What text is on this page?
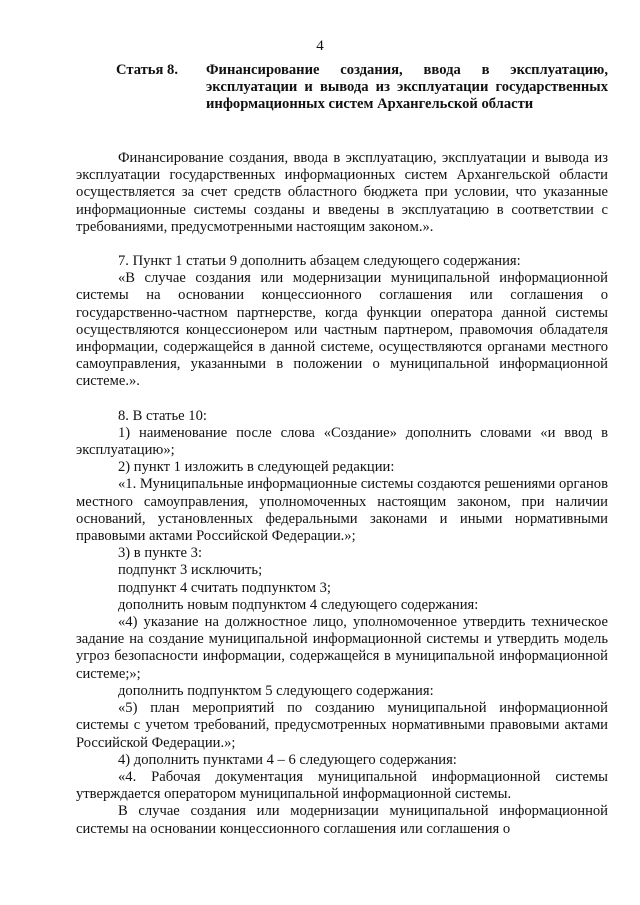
4
Статья 8.	Финансирование создания, ввода в эксплуатацию, эксплуатации и вывода из эксплуатации государственных информационных систем Архангельской области

Финансирование создания, ввода в эксплуатацию, эксплуатации и вывода из эксплуатации государственных информационных систем Архангельской области осуществляется за счет средств областного бюджета при условии, что указанные информационные системы созданы и введены в эксплуатацию в соответствии с требованиями, предусмотренными настоящим законом.».

7. Пункт 1 статьи 9 дополнить абзацем следующего содержания:

«В случае создания или модернизации муниципальной информационной системы на основании концессионного соглашения или соглашения о государственно-частном партнерстве, когда функции оператора данной системы осуществляются концессионером или частным партнером, правомочия обладателя информации, содержащейся в данной системе, осуществляются органами местного самоуправления, указанными в положении о муниципальной информационной системе.».

8. В статье 10:

1) наименование после слова «Создание» дополнить словами «и ввод в эксплуатацию»;

2) пункт 1 изложить в следующей редакции:

«1. Муниципальные информационные системы создаются решениями органов местного самоуправления, уполномоченных настоящим законом, при наличии оснований, установленных федеральными законами и иными нормативными правовыми актами Российской Федерации.»;

3) в пункте 3:

подпункт 3 исключить;

подпункт 4 считать подпунктом 3;

дополнить новым подпунктом 4 следующего содержания:

«4) указание на должностное лицо, уполномоченное утвердить техническое задание на создание муниципальной информационной системы и утвердить модель угроз безопасности информации, содержащейся в муниципальной информационной системе;»;

дополнить подпунктом 5 следующего содержания:

«5) план мероприятий по созданию муниципальной информационной системы с учетом требований, предусмотренных нормативными правовыми актами Российской Федерации.»;

4) дополнить пунктами 4 – 6 следующего содержания:

«4. Рабочая документация муниципальной информационной системы утверждается оператором муниципальной информационной системы.

В случае создания или модернизации муниципальной информационной системы на основании концессионного соглашения или соглашения о
